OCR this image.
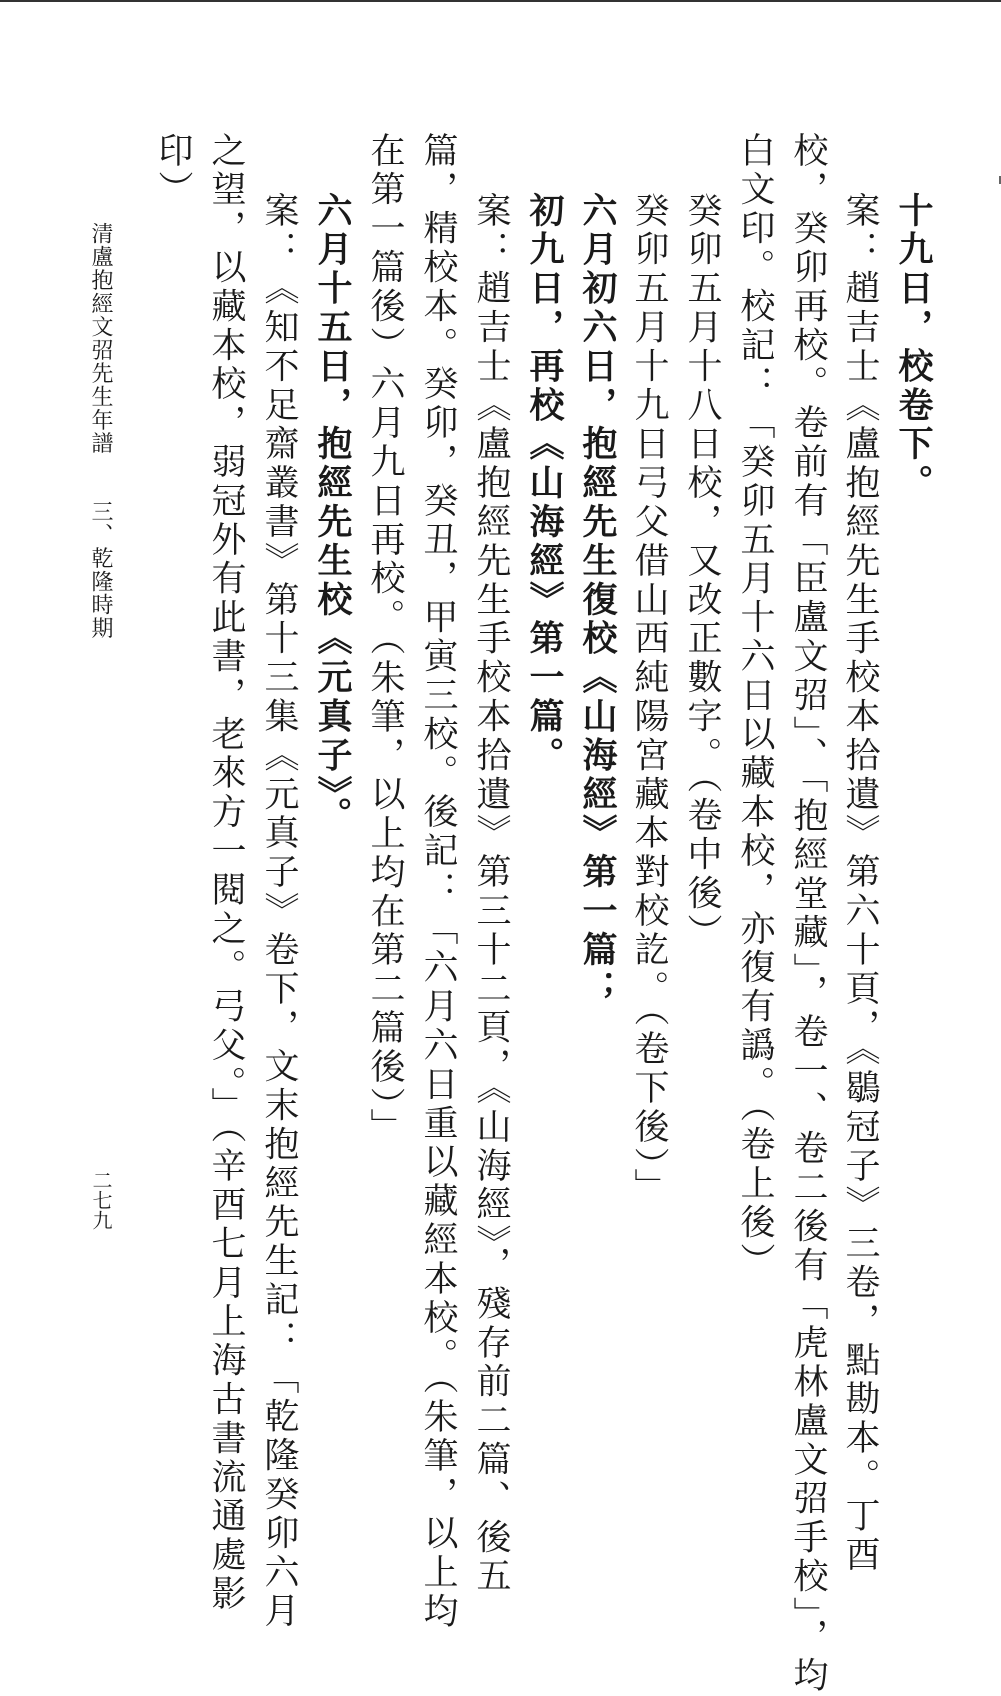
十九日，校卷下。
案：趙吉士《盧抱經先生手校本拾遺》第六十頁，《鶡冠子》三卷，點勘本。丁酉
校，癸卯再校。卷前有「臣盧文弨」、「抱經堂藏」，卷一、卷二後有「虎林盧文弨手校」，均
白文印。校記：「癸卯五月十六日以藏本校，亦復有譌。（卷上後）
癸卯五月十八日校，又改正數字。（卷中後）
癸卯五月十九日弓父借山西純陽宮藏本對校訖。（卷下後）」
六月初六日，抱經先生復校《山海經》第一篇；
初九日，再校《山海經》第一篇。
案：趙吉士《盧抱經先生手校本拾遺》第三十二頁，《山海經》，殘存前二篇、後五
篇，精校本。癸卯，癸丑，甲寅三校。後記：「六月六日重以藏經本校。（朱筆，以上均
在第一篇後）六月九日再校。（朱筆，以上均在第二篇後）」
六月十五日，抱經先生校《元真子》。
案：《知不足齋叢書》第十三集《元真子》卷下，文末抱經先生記：「乾隆癸卯六月
之望，以藏本校，弱冠外有此書，老來方一閱之。弓父。」（辛酉七月上海古書流通處影
印）
清盧抱經文弨先生年譜
三、乾隆時期
二七九
